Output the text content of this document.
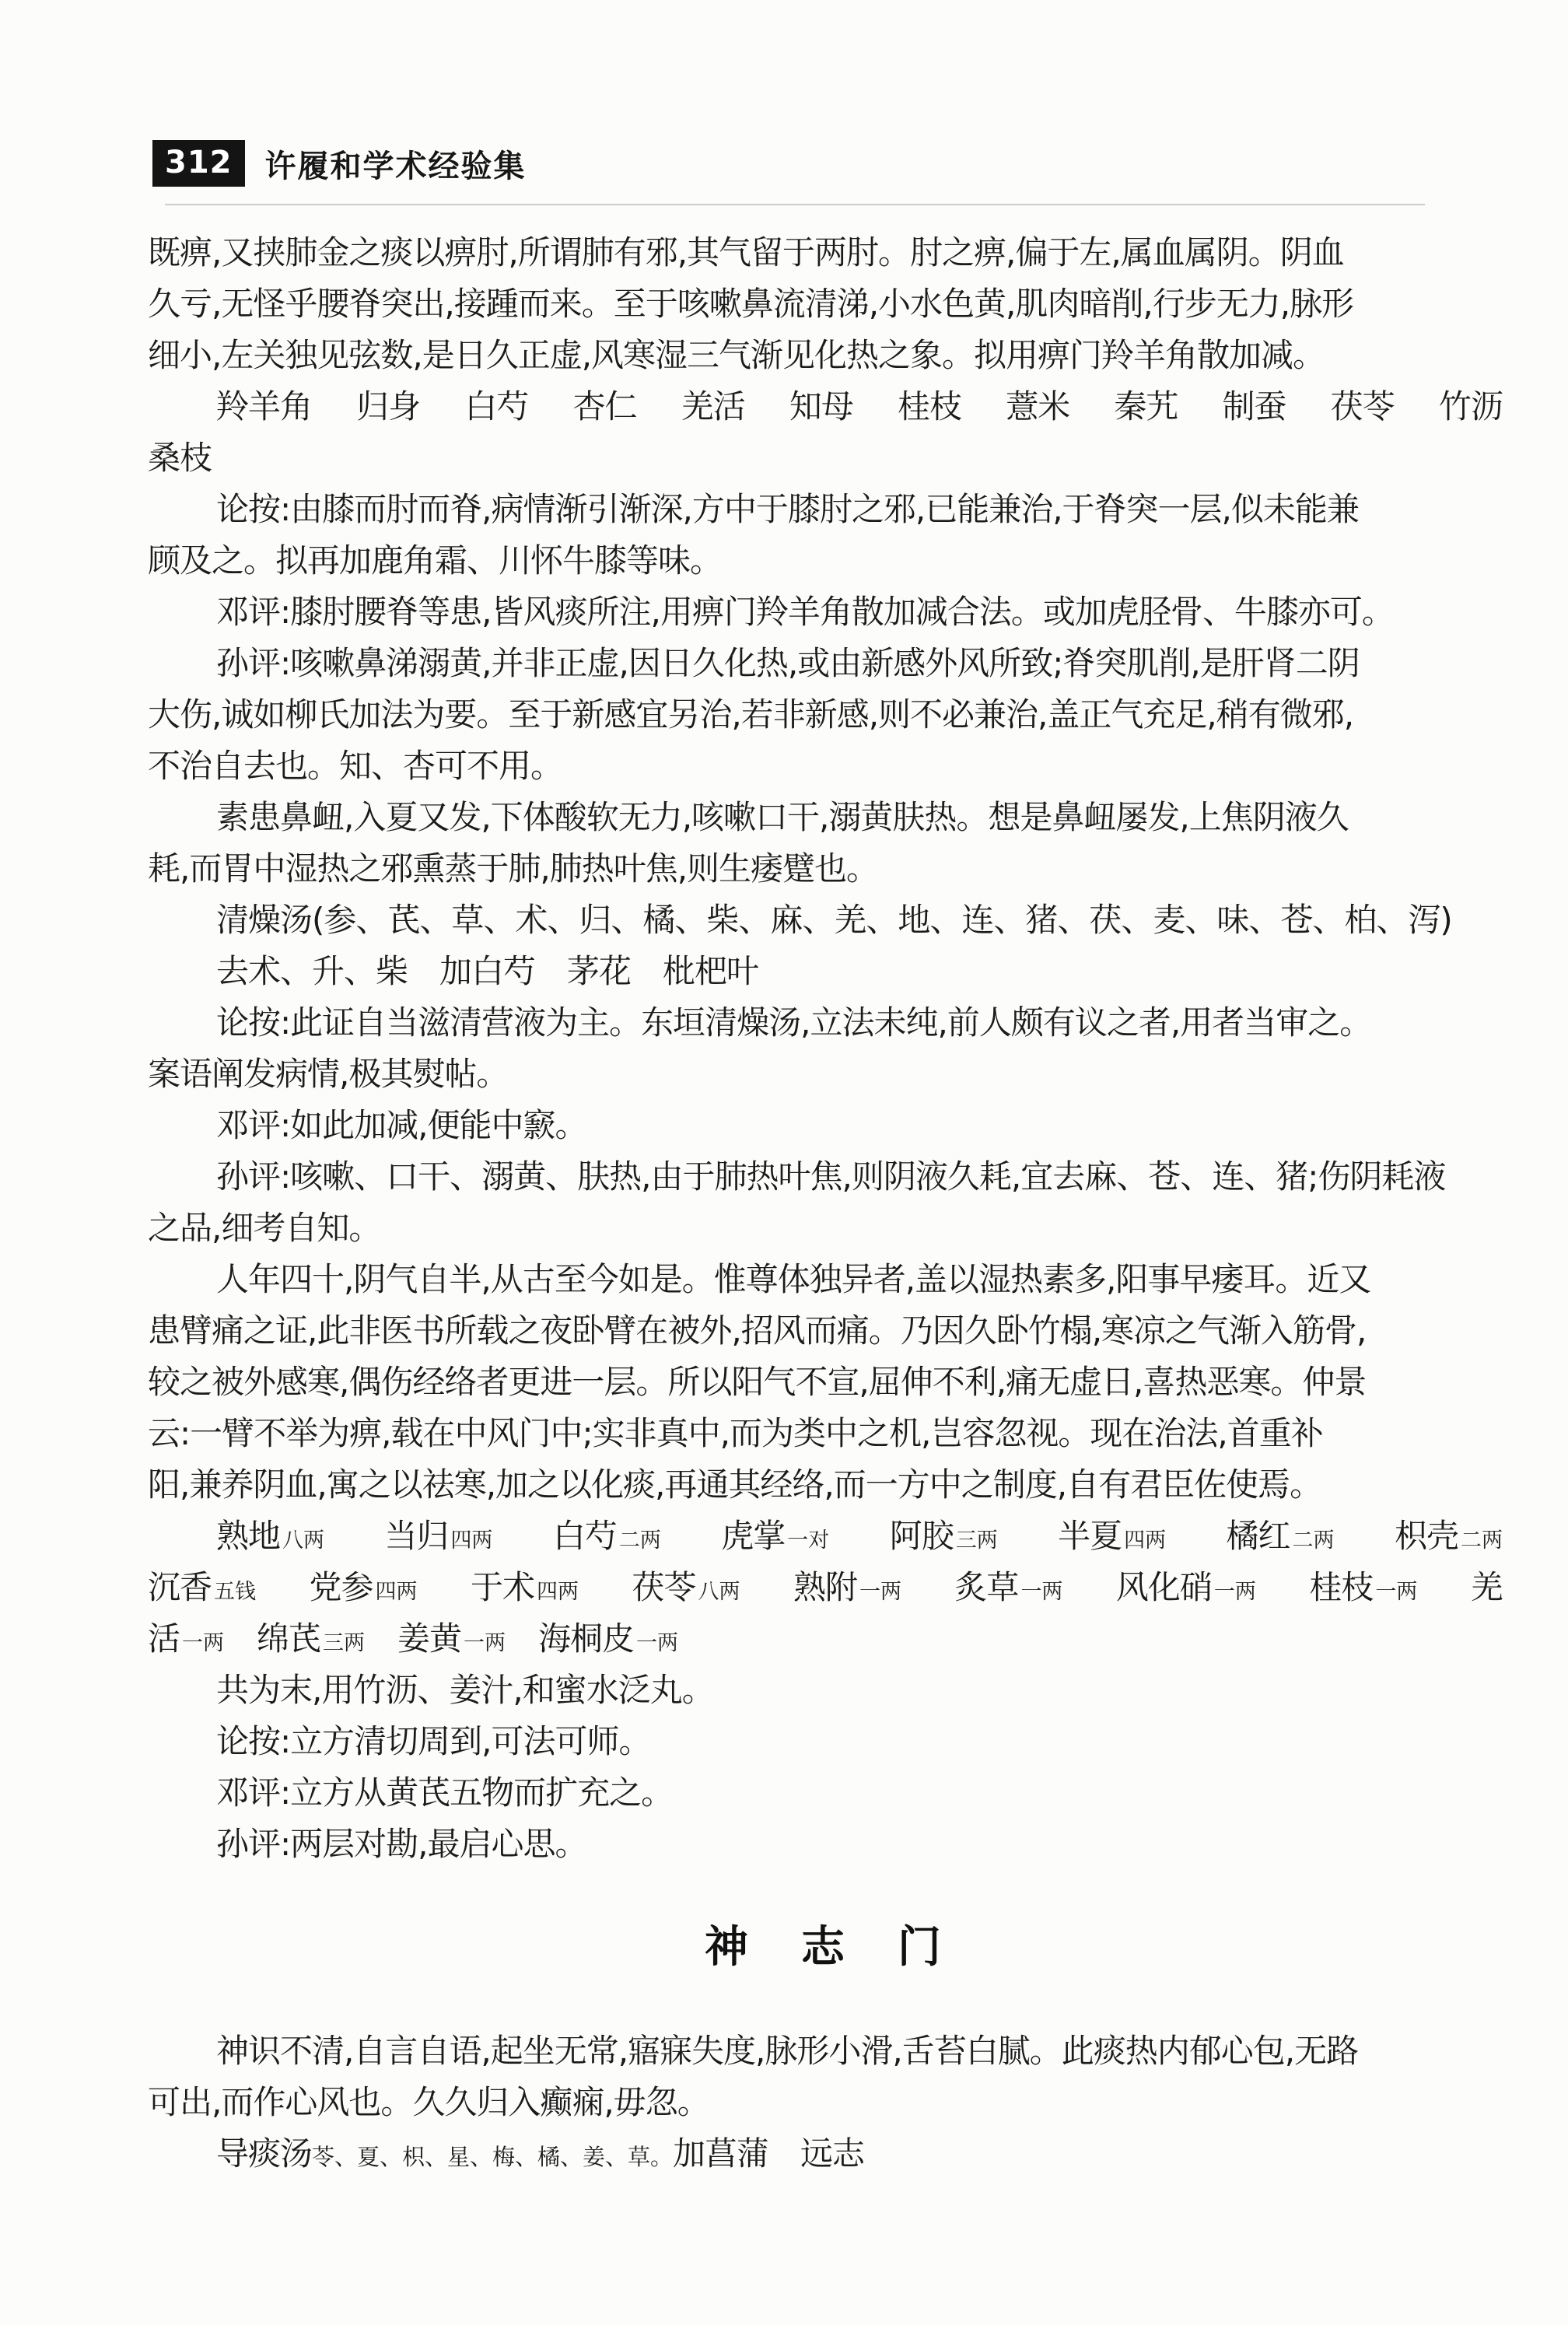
312	许履和学术经验集
既痹,又挟肺金之痰以痹肘,所谓肺有邪,其气留于两肘。肘之痹,偏于左,属血属阴。阴血
久亏,无怪乎腰脊突出,接踵而来。至于咳嗽鼻流清涕,小水色黄,肌肉暗削,行步无力,脉形
细小,左关独见弦数,是日久正虚,风寒湿三气渐见化热之象。拟用痹门羚羊角散加减。
羚羊角 归身 白芍 杏仁 羌活 知母 桂枝 薏米 秦艽 制蚕 茯苓 竹沥
桑枝
论按:由膝而肘而脊,病情渐引渐深,方中于膝肘之邪,已能兼治,于脊突一层,似未能兼
顾及之。拟再加鹿角霜、川怀牛膝等味。
邓评:膝肘腰脊等患,皆风痰所注,用痹门羚羊角散加减合法。或加虎胫骨、牛膝亦可。
孙评:咳嗽鼻涕溺黄,并非正虚,因日久化热,或由新感外风所致;脊突肌削,是肝肾二阴
大伤,诚如柳氏加法为要。至于新感宜另治,若非新感,则不必兼治,盖正气充足,稍有微邪,
不治自去也。知、杏可不用。
素患鼻衄,入夏又发,下体酸软无力,咳嗽口干,溺黄肤热。想是鼻衄屡发,上焦阴液久
耗,而胃中湿热之邪熏蒸于肺,肺热叶焦,则生痿躄也。
清燥汤(参、芪、草、术、归、橘、柴、麻、羌、地、连、猪、茯、麦、味、苍、柏、泻)
去术、升、柴　加白芍　茅花　枇杷叶
论按:此证自当滋清营液为主。东垣清燥汤,立法未纯,前人颇有议之者,用者当审之。
案语阐发病情,极其熨帖。
邓评:如此加减,便能中窾。
孙评:咳嗽、口干、溺黄、肤热,由于肺热叶焦,则阴液久耗,宜去麻、苍、连、猪;伤阴耗液
之品,细考自知。
人年四十,阴气自半,从古至今如是。惟尊体独异者,盖以湿热素多,阳事早痿耳。近又
患臂痛之证,此非医书所载之夜卧臂在被外,招风而痛。乃因久卧竹榻,寒凉之气渐入筋骨,
较之被外感寒,偶伤经络者更进一层。所以阳气不宣,屈伸不利,痛无虚日,喜热恶寒。仲景
云:一臂不举为痹,载在中风门中;实非真中,而为类中之机,岂容忽视。现在治法,首重补
阳,兼养阴血,寓之以祛寒,加之以化痰,再通其经络,而一方中之制度,自有君臣佐使焉。
熟地 八两 当归 四两 白芍 二两 虎掌 一对 阿胶 三两 半夏 四两 橘红 二两 枳壳 二两
沉香 五钱 党参 四两 于术 四两 茯苓 八两 熟附 一两 炙草 一两 风化硝 一两 桂枝 一两 羌
活一两 绵芪 三两 姜黄 一两 海桐皮 一两
共为末,用竹沥、姜汁,和蜜水泛丸。
论按:立方清切周到,可法可师。
邓评:立方从黄芪五物而扩充之。
孙评:两层对勘,最启心思。
神　志　门
神识不清,自言自语,起坐无常,寤寐失度,脉形小滑,舌苔白腻。此痰热内郁心包,无路
可出,而作心风也。久久归入癫痫,毋忽。
导痰汤苓、夏、枳、星、梅、橘、姜、草。加菖蒲　远志
